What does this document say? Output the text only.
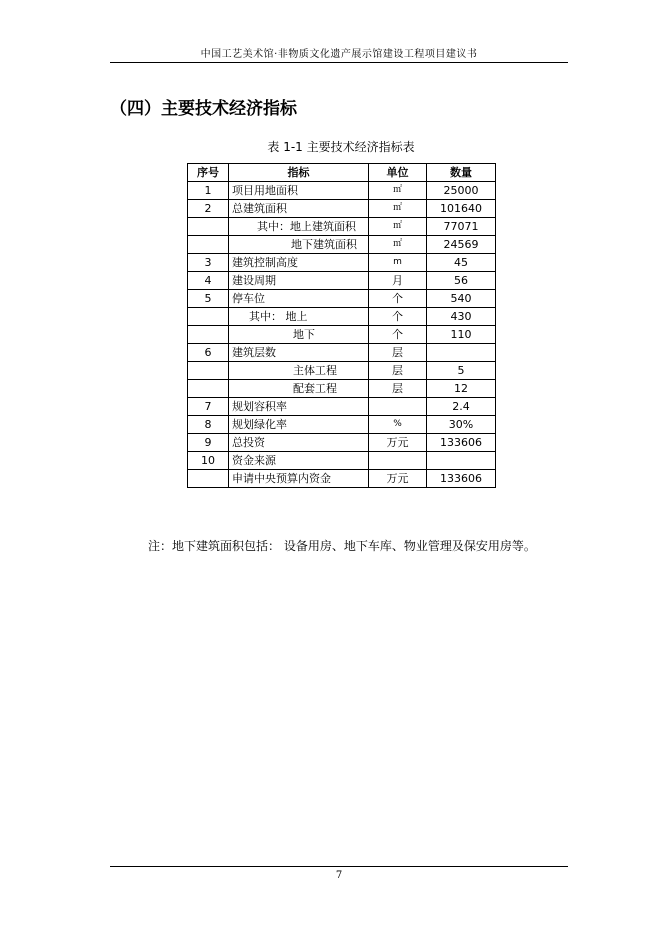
中国工艺美术馆·非物质文化遗产展示馆建设工程项目建议书
（四）主要技术经济指标
表 1-1 主要技术经济指标表
序号	指标	单位	数量
1	项目用地面积	㎡	25000
2	总建筑面积	㎡	101640
	其中：地上建筑面积	㎡	77071
	地下建筑面积	㎡	24569
3	建筑控制高度	m	45
4	建设周期	月	56
5	停车位	个	540
	其中： 地上	个	430
	地下	个	110
6	建筑层数	层	
	主体工程	层	5
	配套工程	层	12
7	规划容积率		2.4
8	规划绿化率	%	30%
9	总投资	万元	133606
10	资金来源		
	申请中央预算内资金	万元	133606
注：地下建筑面积包括： 设备用房、地下车库、物业管理及保安用房等。
7
